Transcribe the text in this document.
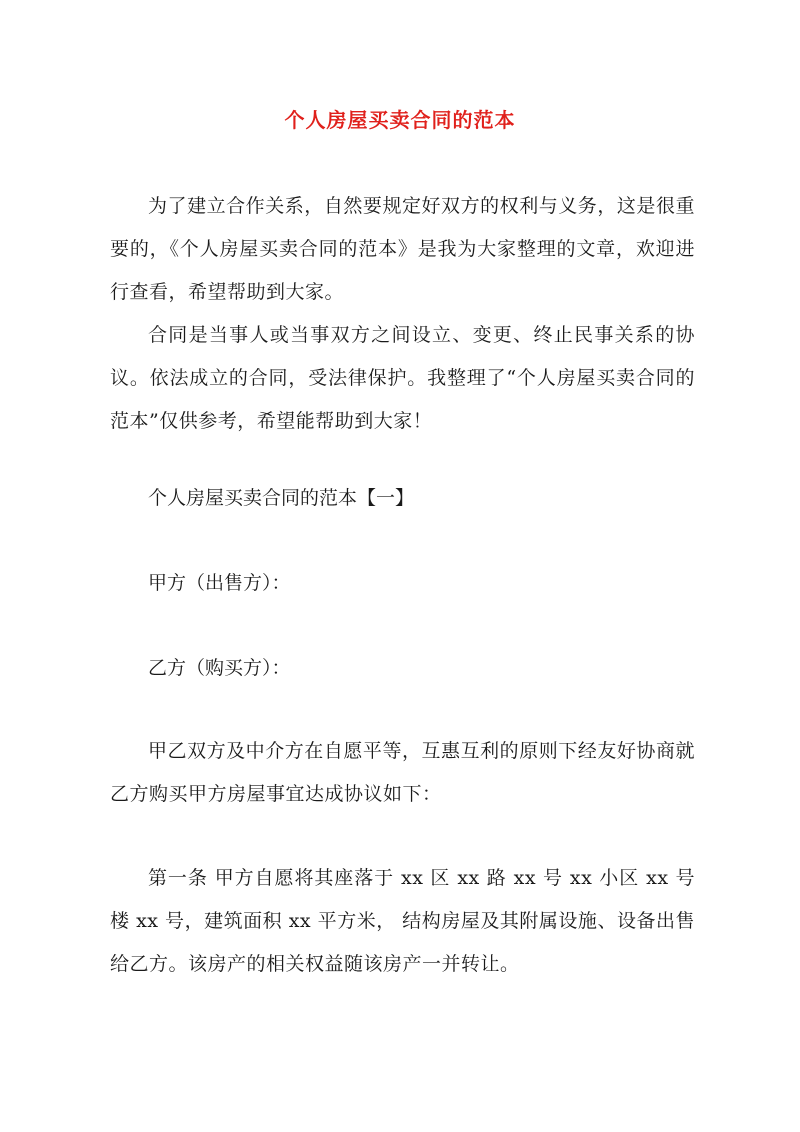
个人房屋买卖合同的范本

为了建立合作关系，自然要规定好双方的权利与义务，这是很重要的，《个人房屋买卖合同的范本》是我为大家整理的文章，欢迎进行查看，希望帮助到大家。

合同是当事人或当事双方之间设立、变更、终止民事关系的协议。依法成立的合同，受法律保护。我整理了“个人房屋买卖合同的范本”仅供参考，希望能帮助到大家！

个人房屋买卖合同的范本【一】

甲方（出售方）：

乙方（购买方）：

甲乙双方及中介方在自愿平等，互惠互利的原则下经友好协商就乙方购买甲方房屋事宜达成协议如下：

第一条 甲方自愿将其座落于 xx 区 xx 路 xx 号 xx 小区 xx 号楼 xx 号，建筑面积 xx 平方米， 结构房屋及其附属设施、设备出售给乙方。该房产的相关权益随该房产一并转让。
